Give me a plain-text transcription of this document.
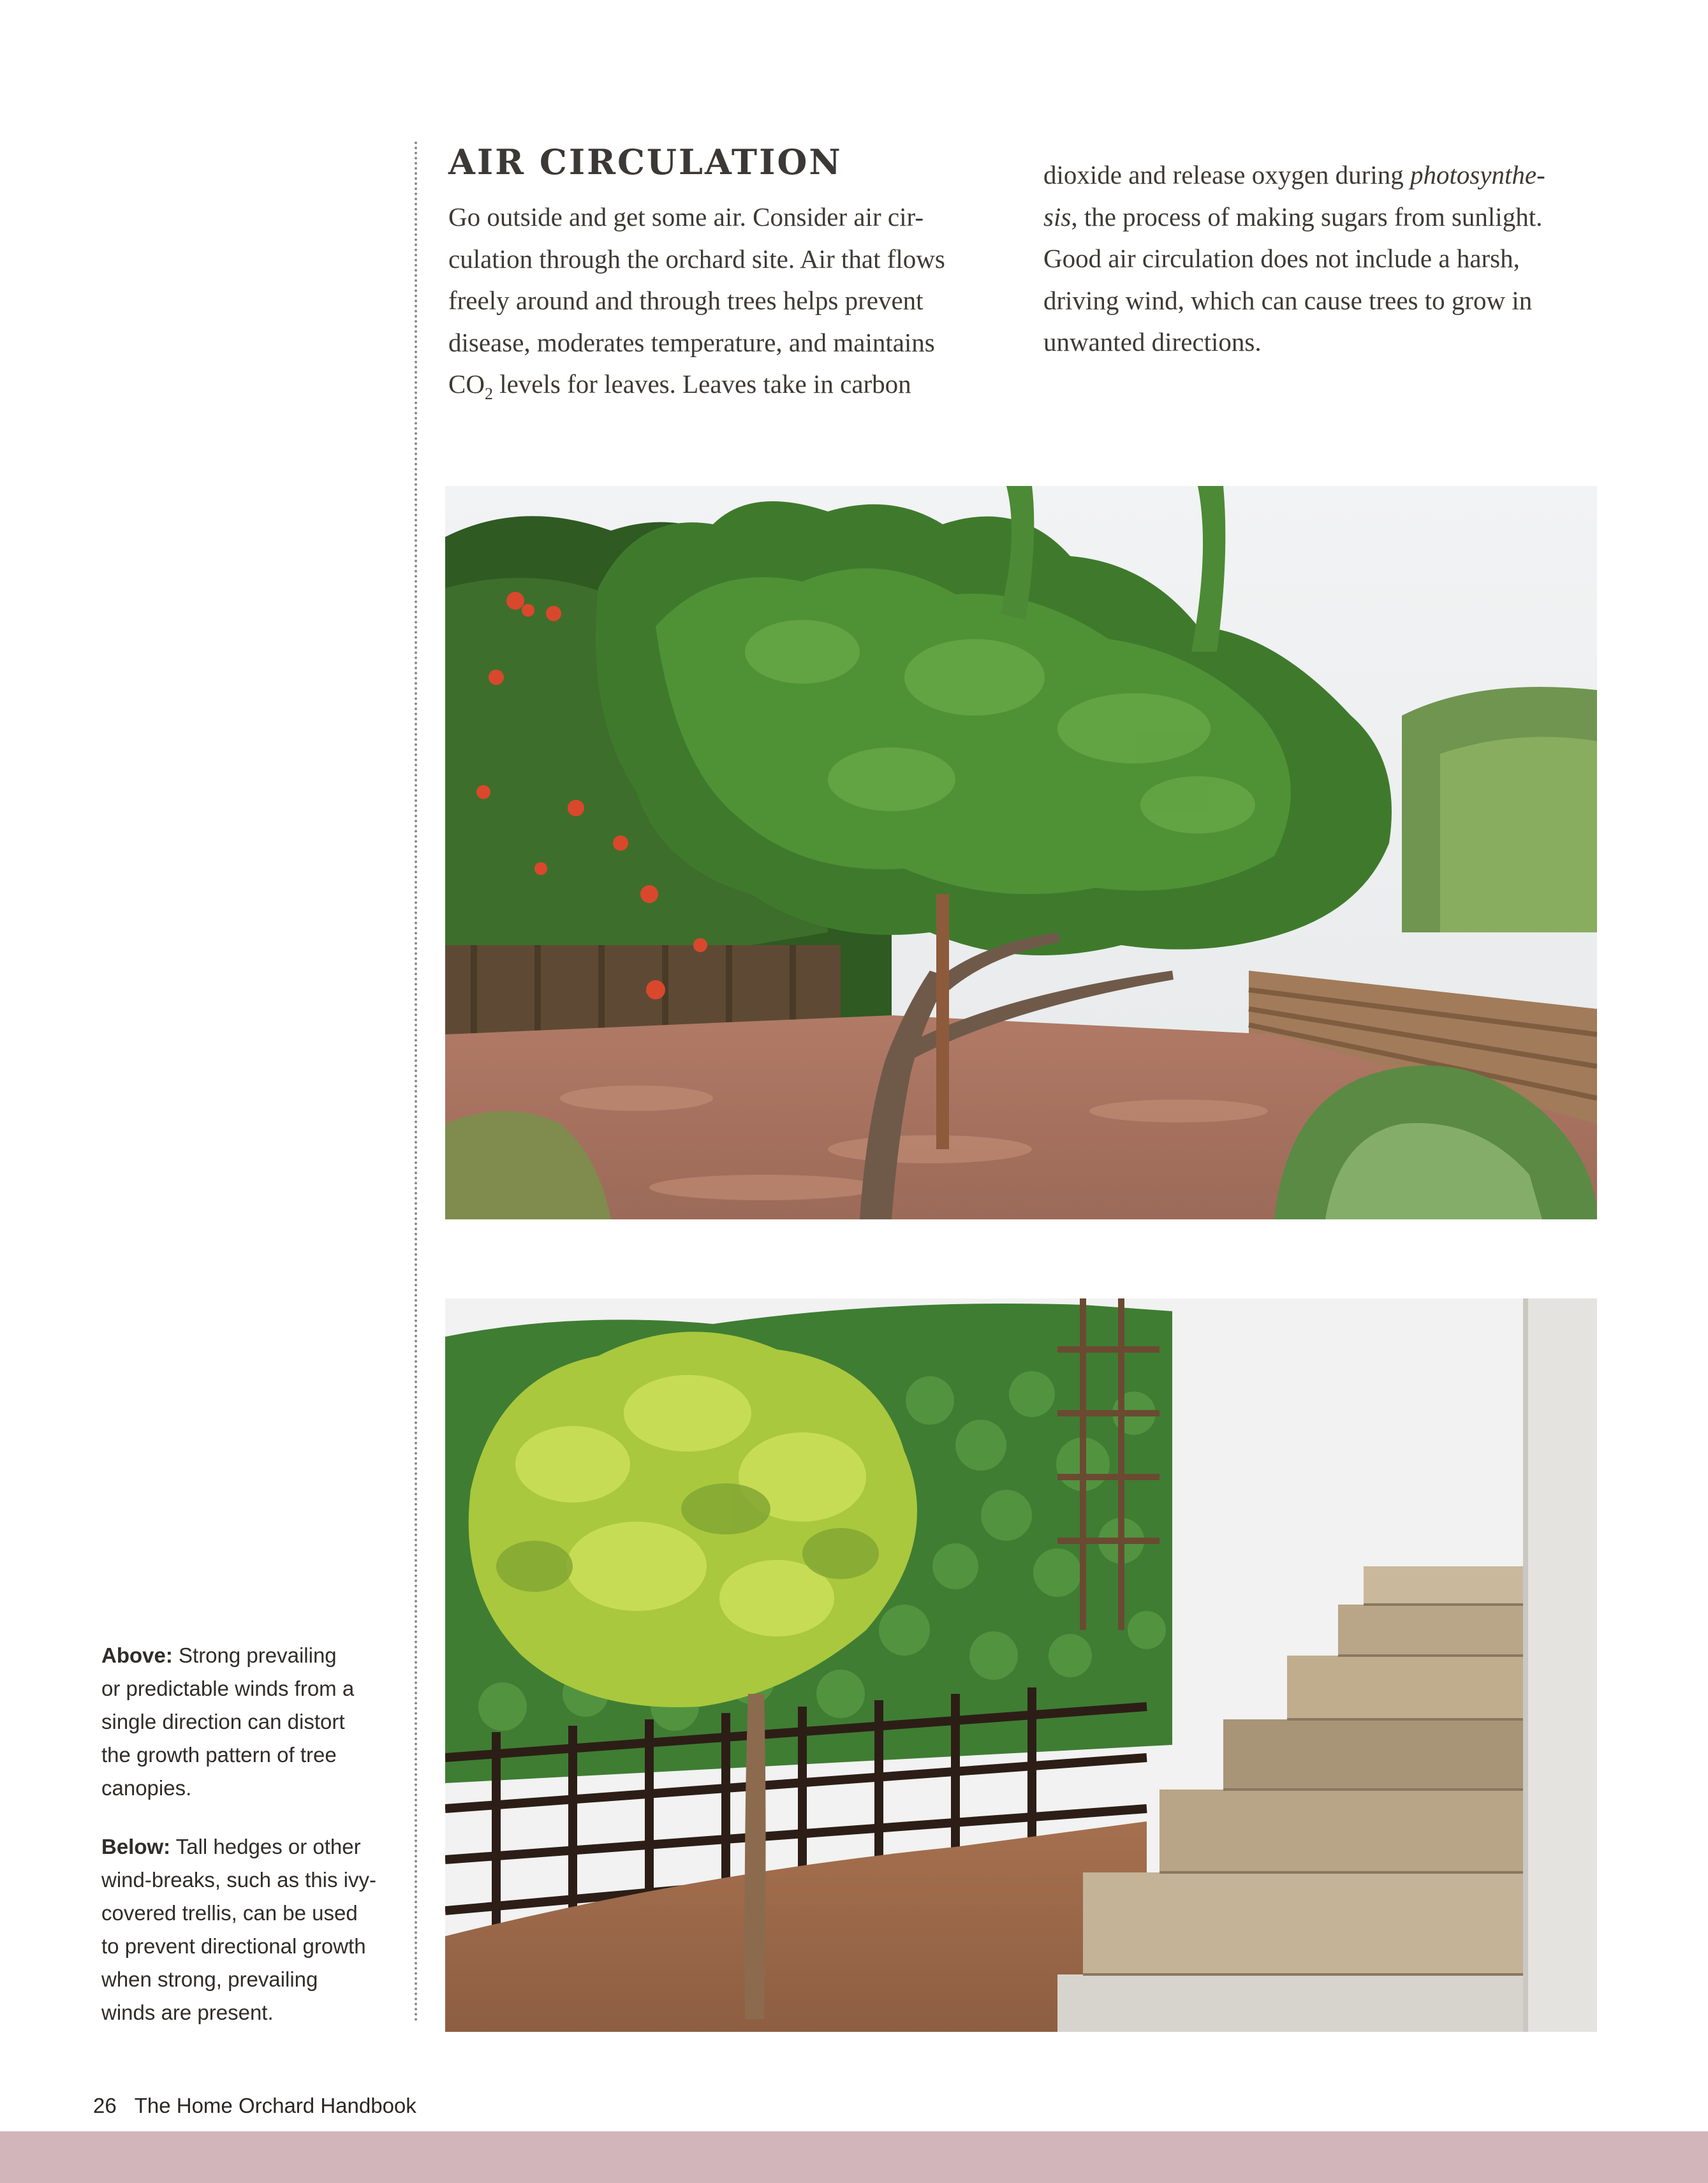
AIR CIRCULATION
Go outside and get some air. Consider air cir-
culation through the orchard site. Air that flows
freely around and through trees helps prevent
disease, moderates temperature, and maintains
$CO_2$ levels for leaves. Leaves take in carbon
dioxide and release oxygen during photosynthe-
sis, the process of making sugars from sunlight.
Good air circulation does not include a harsh,
driving wind, which can cause trees to grow in
unwanted directions.
Above: Strong prevailing
or predictable winds from a
single direction can distort
the growth pattern of tree
canopies.
Below: Tall hedges or other
wind-breaks, such as this ivy-
covered trellis, can be used
to prevent directional growth
when strong, prevailing
winds are present.
26 The Home Orchard Handbook
